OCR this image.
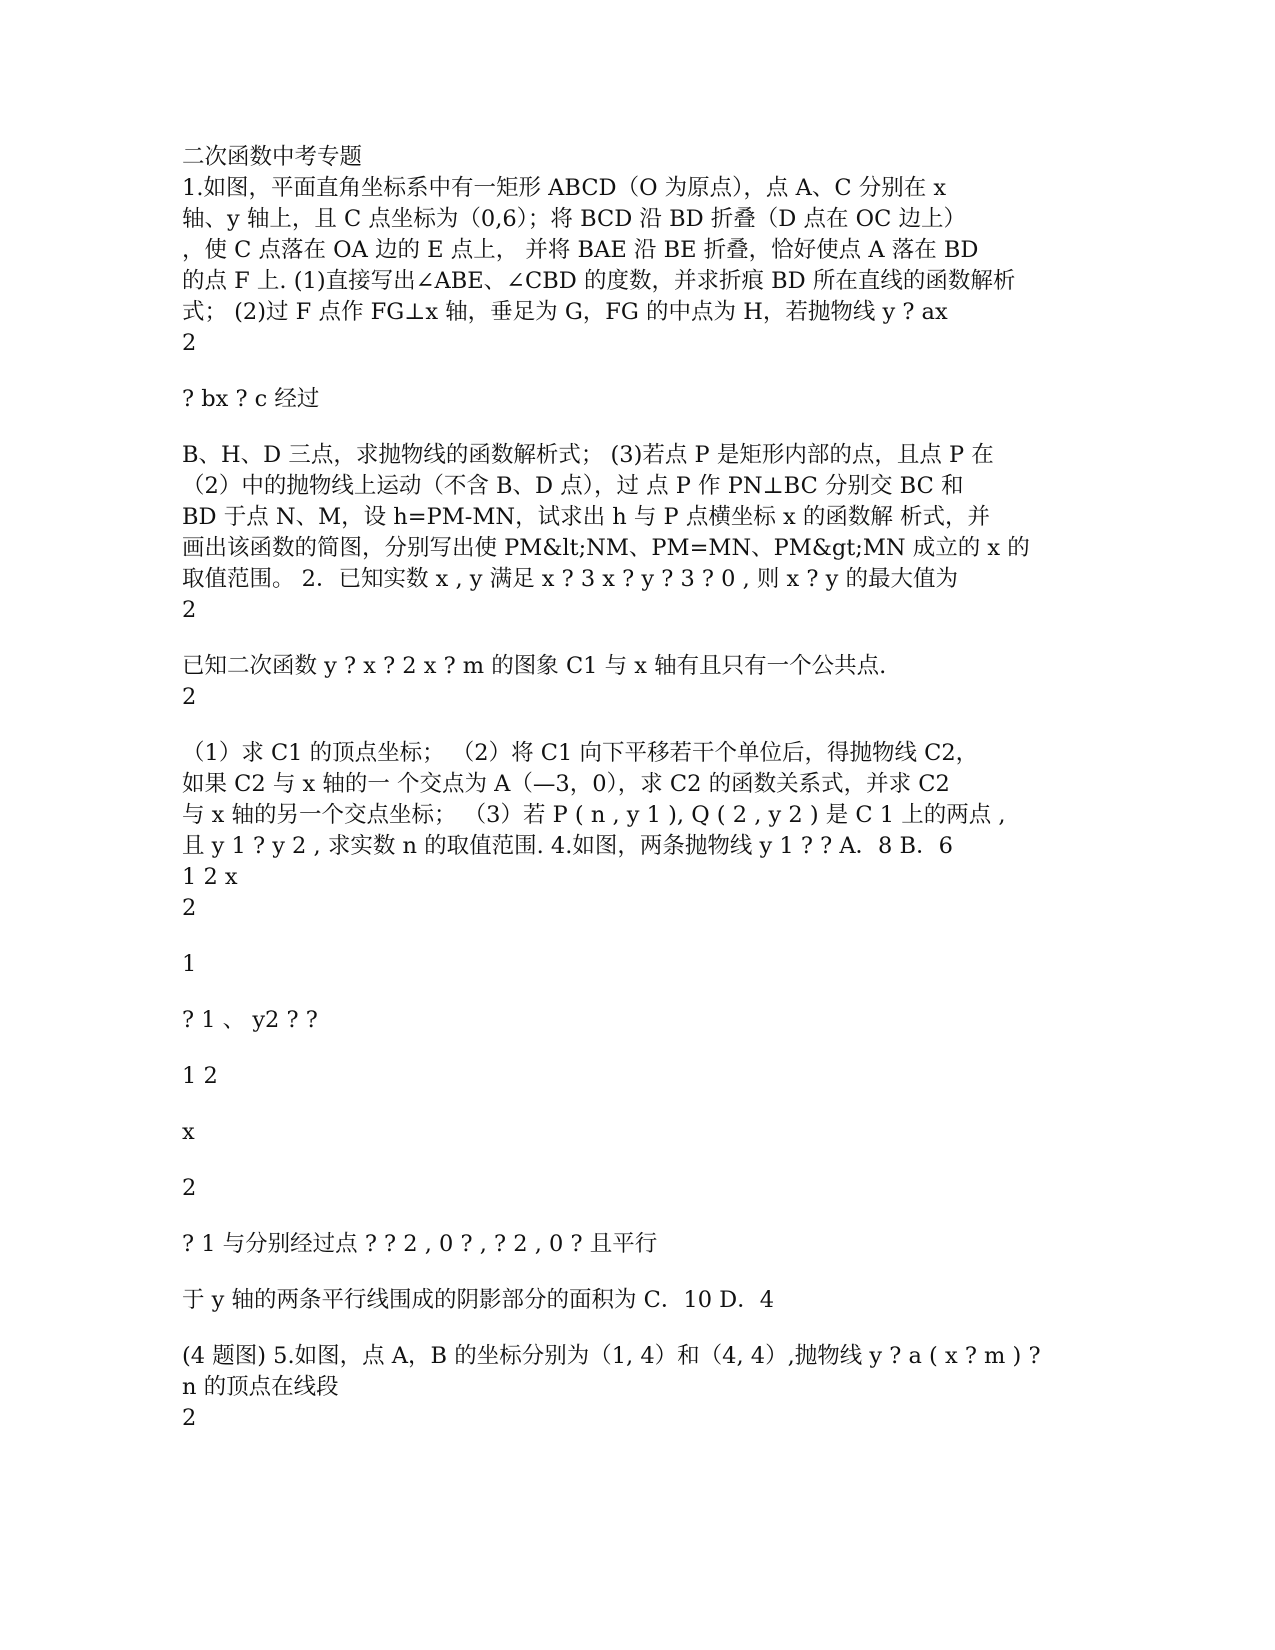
二次函数中考专题
1.如图，平面直角坐标系中有一矩形 ABCD（O 为原点），点 A、C 分别在 x
轴、y 轴上，且 C 点坐标为（0,6）；将 BCD 沿 BD 折叠（D 点在 OC 边上）
，使 C 点落在 OA 边的 E 点上， 并将 BAE 沿 BE 折叠，恰好使点 A 落在 BD
的点 F 上. (1)直接写出∠ABE、∠CBD 的度数，并求折痕 BD 所在直线的函数解析
式； (2)过 F 点作 FG⊥x 轴，垂足为 G，FG 的中点为 H，若抛物线 y ? ax
2
? bx ? c 经过
B、H、D 三点，求抛物线的函数解析式； (3)若点 P 是矩形内部的点，且点 P 在
（2）中的抛物线上运动（不含 B、D 点），过 点 P 作 PN⊥BC 分别交 BC 和
BD 于点 N、M，设 h=PM-MN，试求出 h 与 P 点横坐标 x 的函数解 析式，并
画出该函数的简图，分别写出使 PM&lt;NM、PM=MN、PM&gt;MN 成立的 x 的
取值范围。 2．已知实数 x , y 满足 x ? 3 x ? y ? 3 ? 0 , 则 x ? y 的最大值为
2
已知二次函数 y ? x ? 2 x ? m 的图象 C1 与 x 轴有且只有一个公共点.
2
（1）求 C1 的顶点坐标； （2）将 C1 向下平移若干个单位后，得抛物线 C2，
如果 C2 与 x 轴的一 个交点为 A（—3，0），求 C2 的函数关系式，并求 C2
与 x 轴的另一个交点坐标； （3）若 P ( n , y 1 ), Q ( 2 , y 2 ) 是 C 1 上的两点 ,
且 y 1 ? y 2 , 求实数 n 的取值范围. 4.如图，两条抛物线 y 1 ? ? A．8 B．6
1 2 x
2
1
? 1 、 y2 ? ?
1 2
x
2
? 1 与分别经过点 ? ? 2 , 0 ? , ? 2 , 0 ? 且平行
于 y 轴的两条平行线围成的阴影部分的面积为 C．10 D．4
(4 题图) 5.如图，点 A，B 的坐标分别为（1, 4）和（4, 4）,抛物线 y ? a ( x ? m ) ?
n 的顶点在线段
2
